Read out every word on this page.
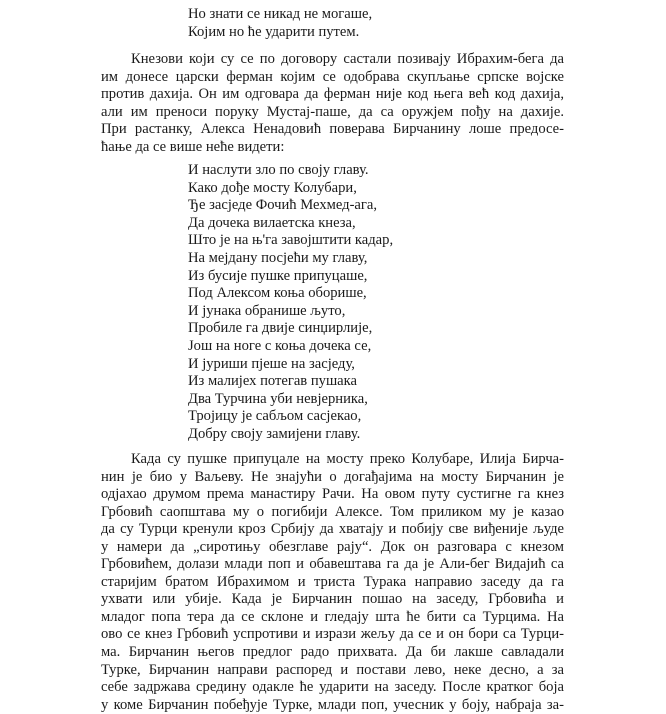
Но знати се никад не могаше,
Којим но ће ударити путем.
Кнезови који су се по договору састали позивају Ибрахим-бега да
им донесе царски ферман којим се одобрава скупљање српске војске
против дахија. Он им одговара да ферман није код њега већ код дахија,
али им преноси поруку Мустај-паше, да са оружјем пођу на дахије.
При растанку, Алекса Ненадовић поверава Бирчанину лоше предосе-
ћање да се више неће видети:
И наслути зло по своју главу.
Како дође мосту Колубари,
Ђе засједе Фочић Мехмед-ага,
Да дочека вилаетска кнеза,
Што је на њ'га завојштити кадар,
На мејдану посјећи му главу,
Из бусије пушке припуцаше,
Под Алексом коња оборише,
И јунака обранише љуто,
Пробиле га двије синџирлије,
Још на ноге с коња дочека се,
И јуриши пјеше на засједу,
Из малијех потегав пушака
Два Турчина уби невјерника,
Тројицу је сабљом сасјекао,
Добру своју замијени главу.
Када су пушке припуцале на мосту преко Колубаре, Илија Бирча-
нин је био у Ваљеву. Не знајући о догађајима на мосту Бирчанин је
одјахао друмом према манастиру Рачи. На овом путу сустигне га кнез
Грбовић саопштава му о погибији Алексе. Том приликом му је казао
да су Турци кренули кроз Србију да хватају и побију све виђеније људе
у намери да „сиротињу обезглаве рају“. Док он разговара с кнезом
Грбовићем, долази млади поп и обавештава га да је Али-бег Видајић са
старијим братом Ибрахимом и триста Турака направио заседу да га
ухвати или убије. Када је Бирчанин пошао на заседу, Грбовића и
младог попа тера да се склоне и гледају шта ће бити са Турцима. На
ово се кнез Грбовић успротиви и изрази жељу да се и он бори са Турци-
ма. Бирчанин његов предлог радо прихвата. Да би лакше савладали
Турке, Бирчанин направи распоред и постави лево, неке десно, а за
себе задржава средину одакле ће ударити на заседу. После кратког боја
у коме Бирчанин побеђује Турке, млади поп, учесник у боју, набраја за-
